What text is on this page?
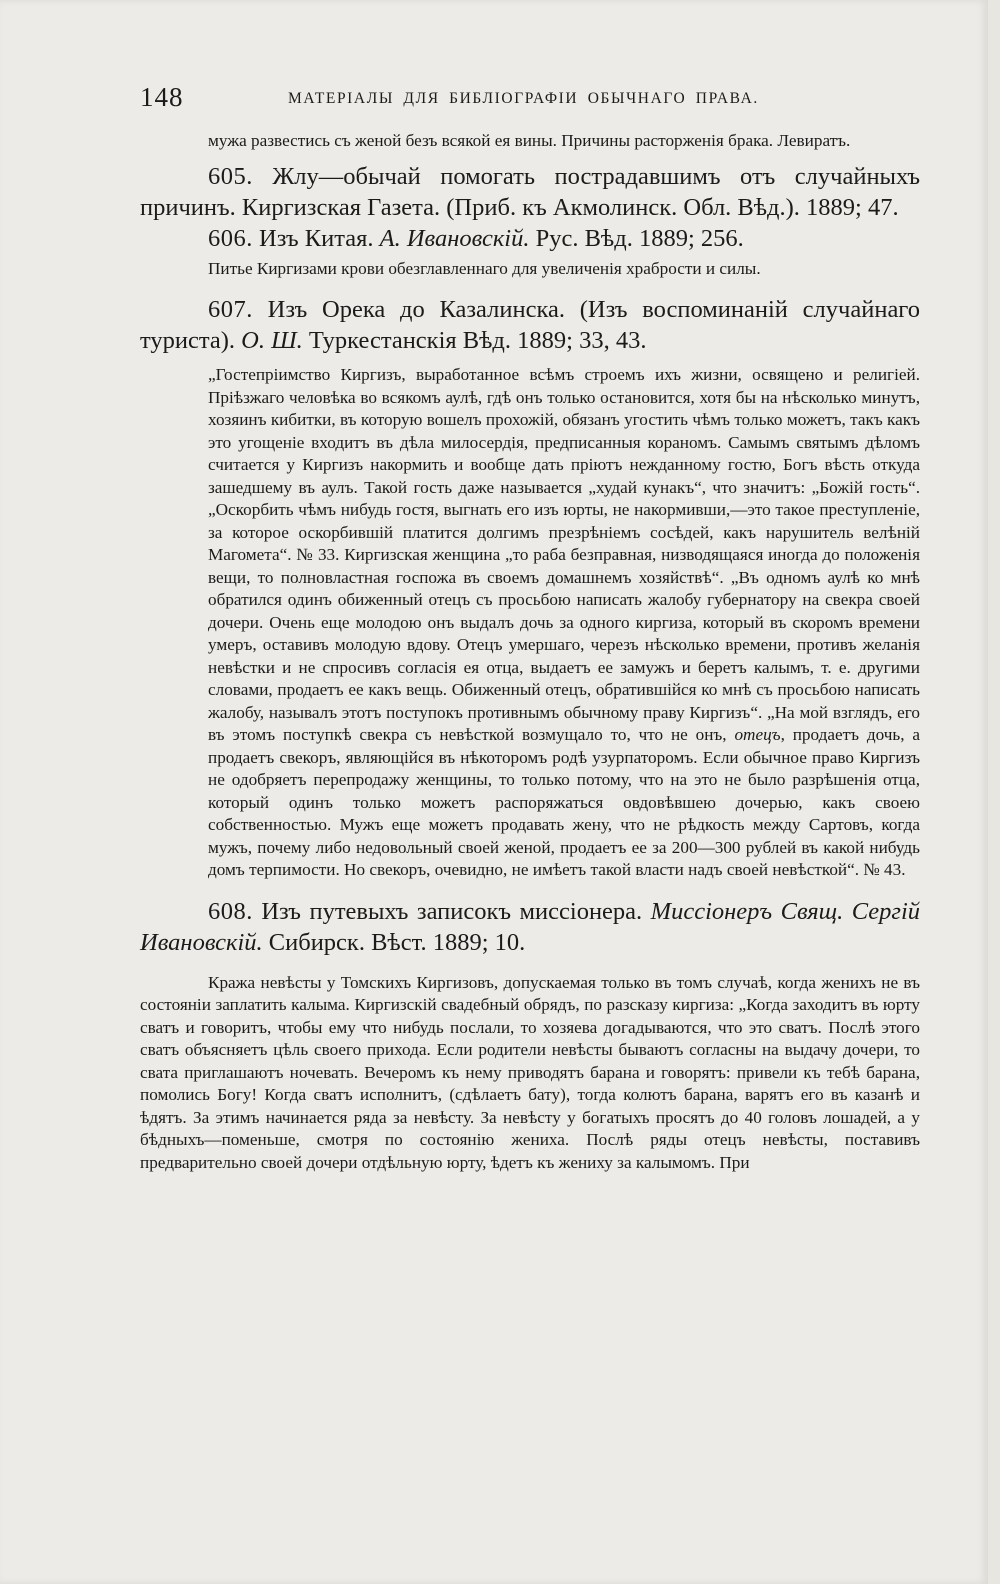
148	МАТЕРІАЛЫ ДЛЯ БИБЛІОГРАФІИ ОБЫЧНАГО ПРАВА.

мужа развестись съ женой безъ всякой ея вины. Причины расторженія брака. Левиратъ.

605. Жлу—обычай помогать пострадавшимъ отъ случайныхъ причинъ. Киргизская Газета. (Приб. къ Акмолинск. Обл. Вѣд.). 1889; 47.

606. Изъ Китая. А. Ивановскій. Рус. Вѣд. 1889; 256.

Питье Киргизами крови обезглавленнаго для увеличенія храбрости и силы.

607. Изъ Орека до Казалинска. (Изъ воспоминаній случайнаго туриста). О. Ш. Туркестанскія Вѣд. 1889; 33, 43.

„Гостепріимство Киргизъ, выработанное всѣмъ строемъ ихъ жизни, освящено и религіей. Пріѣзжаго человѣка во всякомъ аулѣ, гдѣ онъ только остановится, хотя бы на нѣсколько минутъ, хозяинъ кибитки, въ которую вошелъ прохожій, обязанъ угостить чѣмъ только можетъ, такъ какъ это угощеніе входитъ въ дѣла милосердія, предписанныя кораномъ. Самымъ святымъ дѣломъ считается у Киргизъ накормить и вообще дать пріютъ нежданному гостю, Богъ вѣсть откуда зашедшему въ аулъ. Такой гость даже называется „худай кунакъ“, что значитъ: „Божій гость“. „Оскорбить чѣмъ нибудь гостя, выгнать его изъ юрты, не накормивши,—это такое преступленіе, за которое оскорбившій платится долгимъ презрѣніемъ сосѣдей, какъ нарушитель велѣній Магомета“. № 33. Киргизская женщина „то раба безправная, низводящаяся иногда до положенія вещи, то полновластная госпожа въ своемъ домашнемъ хозяйствѣ“. „Въ одномъ аулѣ ко мнѣ обратился одинъ обиженный отецъ съ просьбою написать жалобу губернатору на свекра своей дочери. Очень еще молодою онъ выдалъ дочь за одного киргиза, который въ скоромъ времени умеръ, оставивъ молодую вдову. Отецъ умершаго, черезъ нѣсколько времени, противъ желанія невѣстки и не спросивъ согласія ея отца, выдаетъ ее замужъ и беретъ калымъ, т. е. другими словами, продаетъ ее какъ вещь. Обиженный отецъ, обратившійся ко мнѣ съ просьбою написать жалобу, называлъ этотъ поступокъ противнымъ обычному праву Киргизъ“. „На мой взглядъ, его въ этомъ поступкѣ свекра съ невѣсткой возмущало то, что не онъ, отецъ, продаетъ дочь, а продаетъ свекоръ, являющійся въ нѣкоторомъ родѣ узурпаторомъ. Если обычное право Киргизъ не одобряетъ перепродажу женщины, то только потому, что на это не было разрѣшенія отца, который одинъ только можетъ распоряжаться овдовѣвшею дочерью, какъ своею собственностью. Мужъ еще можетъ продавать жену, что не рѣдкость между Сартовъ, когда мужъ, почему либо недовольный своей женой, продаетъ ее за 200—300 рублей въ какой нибудь домъ терпимости. Но свекоръ, очевидно, не имѣетъ такой власти надъ своей невѣсткой“. № 43.

608. Изъ путевыхъ записокъ миссіонера. Миссіонеръ Свящ. Сергій Ивановскій. Сибирск. Вѣст. 1889; 10.

Кража невѣсты у Томскихъ Киргизовъ, допускаемая только въ томъ случаѣ, когда женихъ не въ состояніи заплатить калыма. Киргизскій свадебный обрядъ, по разсказу киргиза: „Когда заходитъ въ юрту сватъ и говоритъ, чтобы ему что нибудь послали, то хозяева догадываются, что это сватъ. Послѣ этого сватъ объясняетъ цѣль своего прихода. Если родители невѣсты бываютъ согласны на выдачу дочери, то свата приглашаютъ ночевать. Вечеромъ къ нему приводятъ барана и говорятъ: привели къ тебѣ барана, помолись Богу! Когда сватъ исполнитъ, (сдѣлаетъ бату), тогда колютъ барана, варятъ его въ казанѣ и ѣдятъ. За этимъ начинается ряда за невѣсту. За невѣсту у богатыхъ просятъ до 40 головъ лошадей, а у бѣдныхъ—поменьше, смотря по состоянію жениха. Послѣ ряды отецъ невѣсты, поставивъ предварительно своей дочери отдѣльную юрту, ѣдетъ къ жениху за калымомъ. При
